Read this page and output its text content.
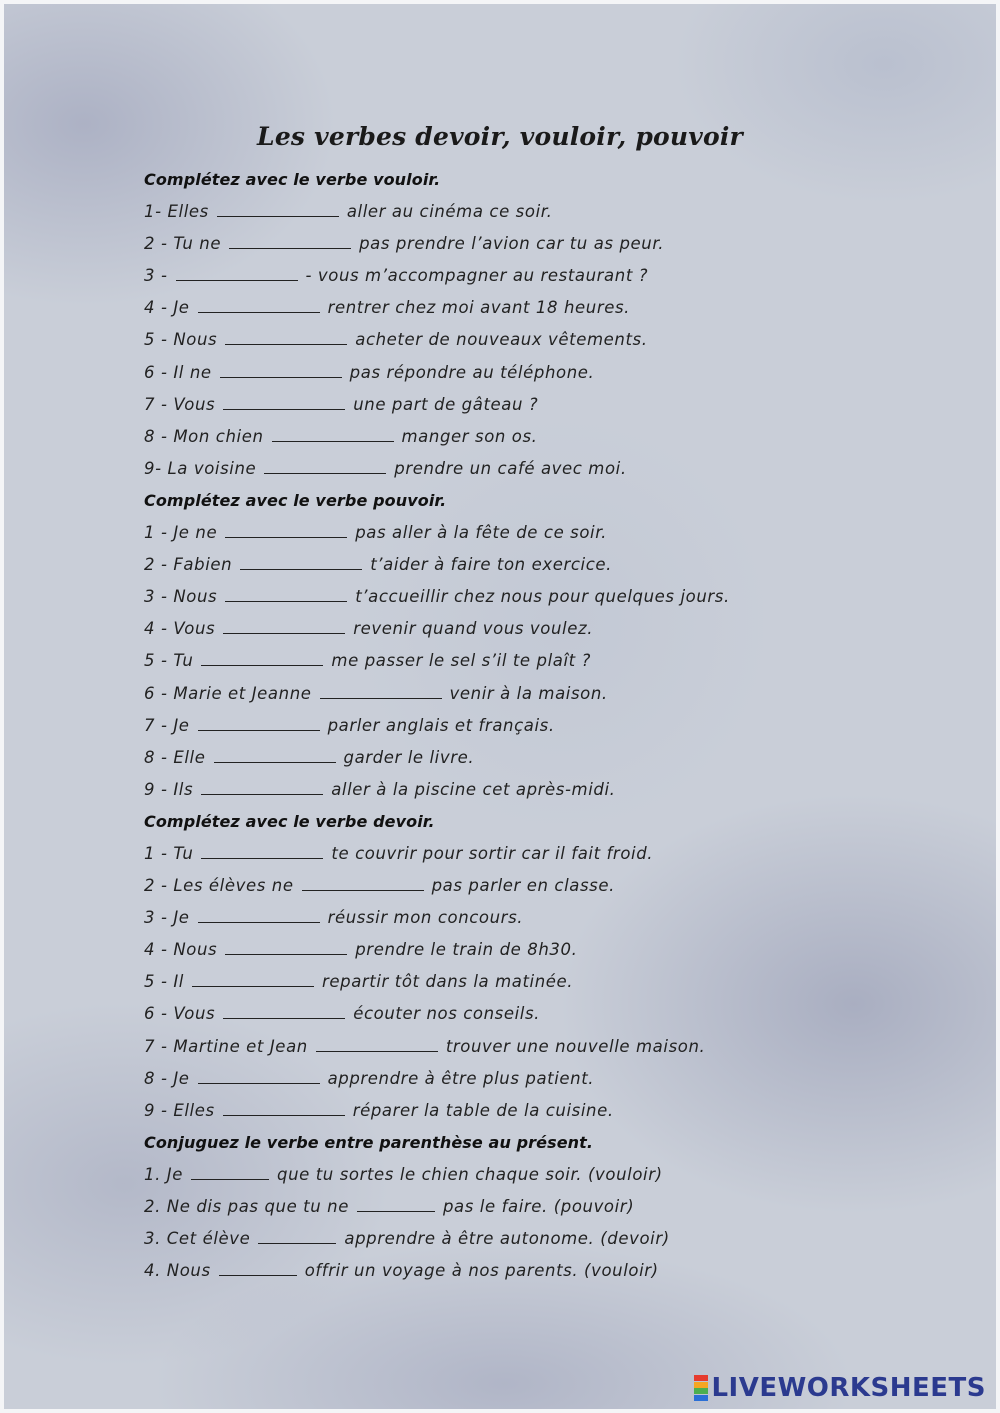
Les verbes devoir, vouloir, pouvoir
Complétez avec le verbe vouloir.
1- Elles	aller au cinéma ce soir.
2 - Tu ne	pas prendre l’avion car tu as peur.
3 -	- vous m’accompagner au restaurant ?
4 - Je	rentrer chez moi avant 18 heures.
5 - Nous	acheter de nouveaux vêtements.
6 - Il ne	pas répondre au téléphone.
7 - Vous	une part de gâteau ?
8 - Mon chien	manger son os.
9- La voisine	prendre un café avec moi.
Complétez avec le verbe pouvoir.
1 - Je ne	pas aller à la fête de ce soir.
2 - Fabien	t’aider à faire ton exercice.
3 - Nous	t’accueillir chez nous pour quelques jours.
4 - Vous	revenir quand vous voulez.
5 - Tu	me passer le sel s’il te plaît ?
6 - Marie et Jeanne	venir à la maison.
7 - Je	parler anglais et français.
8 - Elle	garder le livre.
9 - Ils	aller à la piscine cet après-midi.
Complétez avec le verbe devoir.
1 - Tu	te couvrir pour sortir car il fait froid.
2 - Les élèves ne	pas parler en classe.
3 - Je	réussir mon concours.
4 - Nous	prendre le train de 8h30.
5 - Il	repartir tôt dans la matinée.
6 - Vous	écouter nos conseils.
7 - Martine et Jean	trouver une nouvelle maison.
8 - Je	apprendre à être plus patient.
9 - Elles	réparer la table de la cuisine.
Conjuguez le verbe entre parenthèse au présent.
1. Je	que tu sortes le chien chaque soir. (vouloir)
2. Ne dis pas que tu ne	pas le faire. (pouvoir)
3. Cet élève	apprendre à être autonome. (devoir)
4. Nous	offrir un voyage à nos parents. (vouloir)
LIVEWORKSHEETS
